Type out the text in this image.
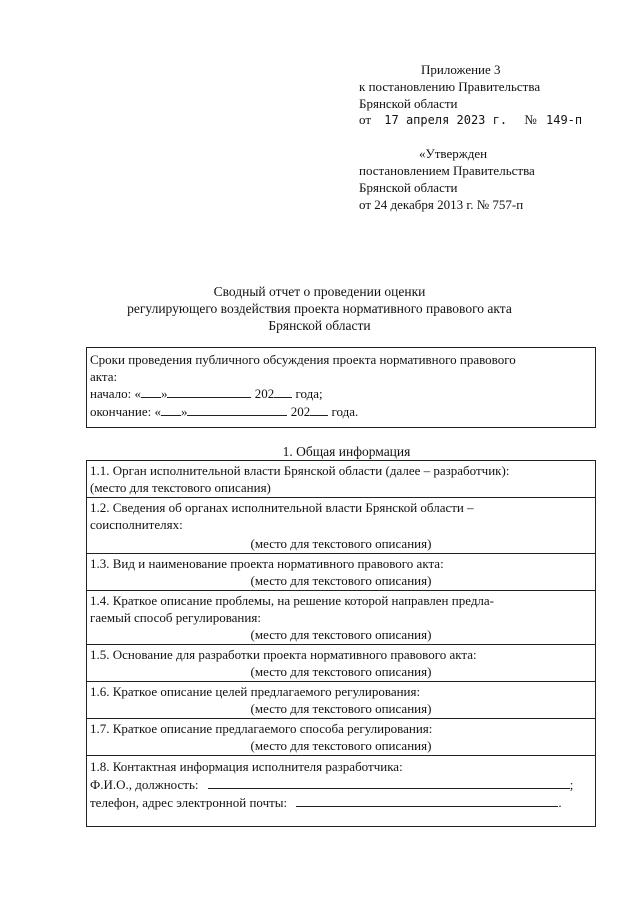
Приложение 3
к постановлению Правительства
Брянской области
от 17 апреля 2023 г. № 149-п
«Утвержден
постановлением Правительства
Брянской области
от 24 декабря 2013 г. № 757-п
Сводный отчет о проведении оценки
регулирующего воздействия проекта нормативного правового акта
Брянской области
Сроки проведения публичного обсуждения проекта нормативного правового
акта:
начало: « »	202 года;
окончание: « »	202 года.
1. Общая информация
1.1. Орган исполнительной власти Брянской области (далее – разработчик):
(место для текстового описания)
1.2. Сведения об органах исполнительной власти Брянской области –
соисполнителях:
(место для текстового описания)
1.3. Вид и наименование проекта нормативного правового акта:
(место для текстового описания)
1.4. Краткое описание проблемы, на решение которой направлен предла-
гаемый способ регулирования:
(место для текстового описания)
1.5. Основание для разработки проекта нормативного правового акта:
(место для текстового описания)
1.6. Краткое описание целей предлагаемого регулирования:
(место для текстового описания)
1.7. Краткое описание предлагаемого способа регулирования:
(место для текстового описания)
1.8. Контактная информация исполнителя разработчика:
Ф.И.О., должность:	;
телефон, адрес электронной почты:	.
